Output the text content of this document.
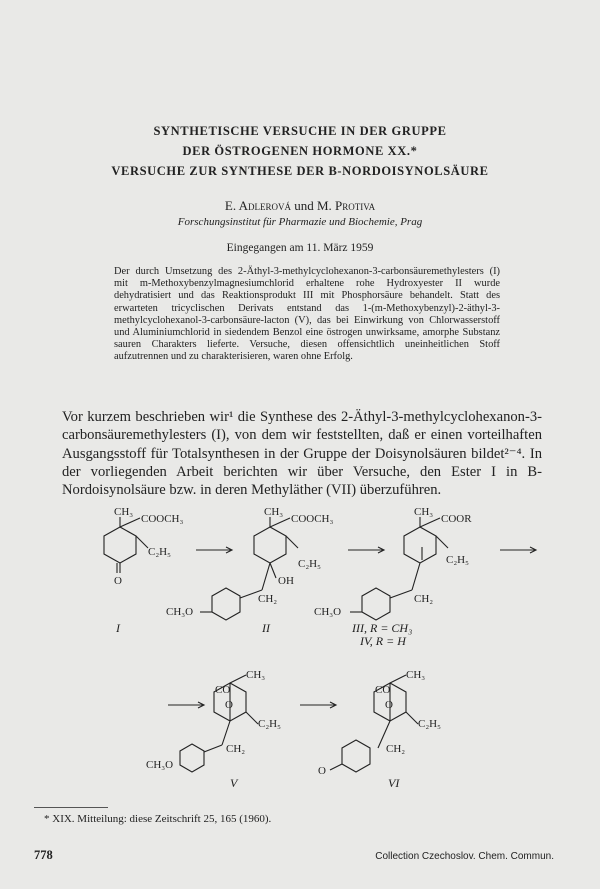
SYNTHETISCHE VERSUCHE IN DER GRUPPE
DER ÖSTROGENEN HORMONE XX.*
VERSUCHE ZUR SYNTHESE DER B-NORDOISYNOLSÄURE
E. Adlerová und M. Protiva
Forschungsinstitut für Pharmazie und Biochemie, Prag
Eingegangen am 11. März 1959
Der durch Umsetzung des 2-Äthyl-3-methylcyclohexanon-3-carbonsäuremethylesters (I) mit m-Methoxybenzylmagnesiumchlorid erhaltene rohe Hydroxyester II wurde dehydratisiert und das Reaktionsprodukt III mit Phosphorsäure behandelt. Statt des erwarteten tricyclischen Derivats entstand das 1-(m-Methoxybenzyl)-2-äthyl-3-methylcyclohexanol-3-carbonsäure-lacton (V), das bei Einwirkung von Chlorwasserstoff und Aluminiumchlorid in siedendem Benzol eine östrogen unwirksame, amorphe Substanz sauren Charakters lieferte. Versuche, diesen offensichtlich uneinheitlichen Stoff aufzutrennen und zu charakterisieren, waren ohne Erfolg.
Vor kurzem beschrieben wir¹ die Synthese des 2-Äthyl-3-methylcyclohexanon-3-carbonsäuremethylesters (I), von dem wir feststellten, daß er einen vorteilhaften Ausgangsstoff für Totalsynthesen in der Gruppe der Doisynolsäuren bildet²⁻⁴. In der vorliegenden Arbeit berichten wir über Versuche, den Ester I in B-Nordoisynolsäure bzw. in deren Methyläther (VII) überzuführen.
CH₃
COOCH₃
C₂H₅
O
I
CH₃
COOCH₃
C₂H₅
OH
CH₂
CH₃O
II
CH₃
COOR
C₂H₅
CH₂
CH₃O
III, R = CH₃
IV, R = H
CH₃
CO
O
C₂H₅
CH₂
CH₃O
V
CH₃
CO
O
C₂H₅
CH₂
O
VI
* XIX. Mitteilung: diese Zeitschrift 25, 165 (1960).
778	Collection Czechoslov. Chem. Commun.
